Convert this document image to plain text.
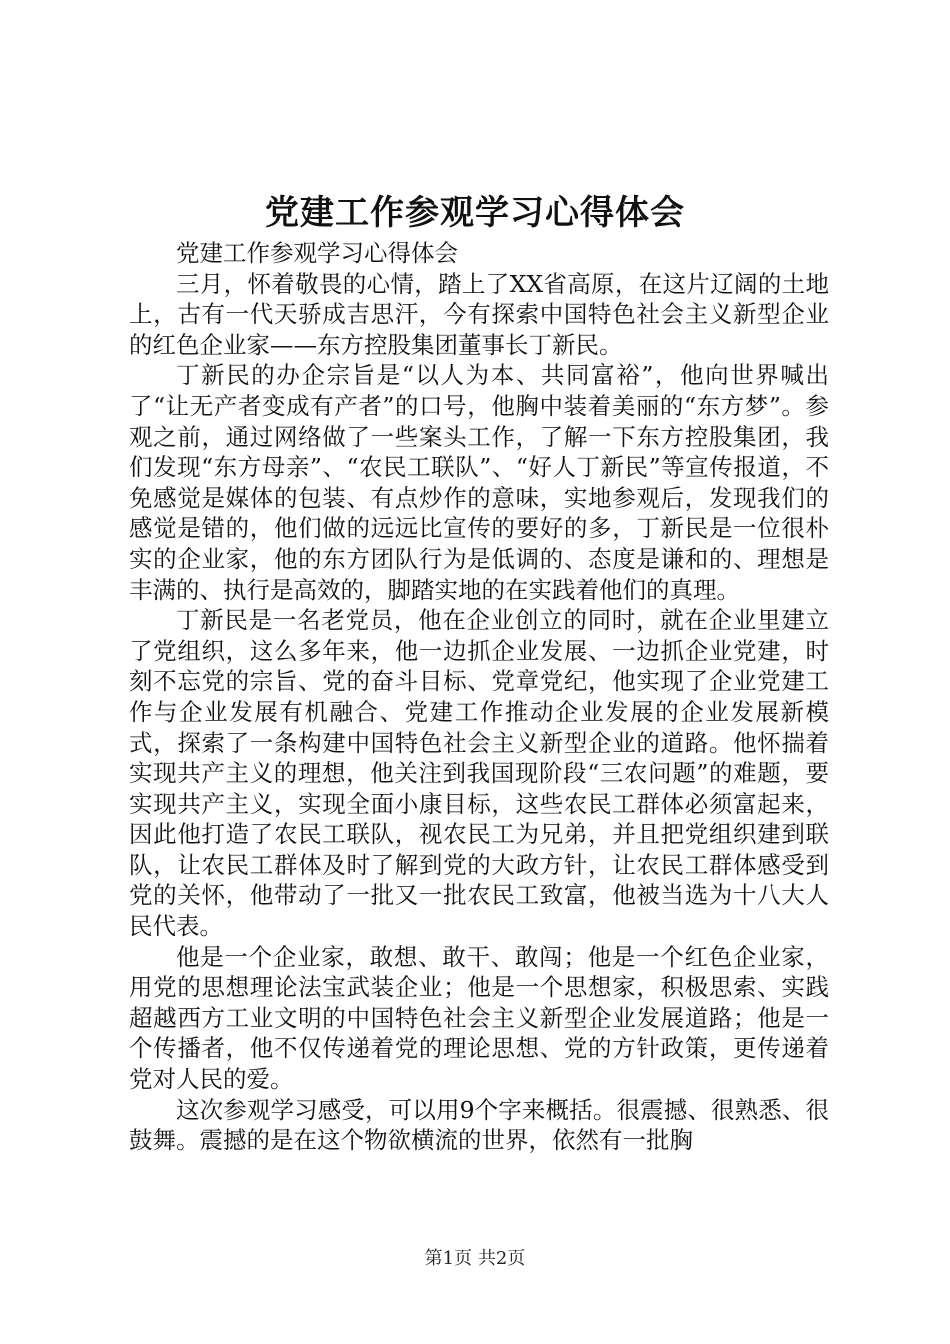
党建工作参观学习心得体会

党建工作参观学习心得体会

三月，怀着敬畏的心情，踏上了XX省高原，在这片辽阔的土地上，古有一代天骄成吉思汗，今有探索中国特色社会主义新型企业的红色企业家——东方控股集团董事长丁新民。

丁新民的办企宗旨是“以人为本、共同富裕”，他向世界喊出了“让无产者变成有产者”的口号，他胸中装着美丽的“东方梦”。参观之前，通过网络做了一些案头工作，了解一下东方控股集团，我们发现“东方母亲”、“农民工联队”、“好人丁新民”等宣传报道，不免感觉是媒体的包装、有点炒作的意味，实地参观后，发现我们的感觉是错的，他们做的远远比宣传的要好的多，丁新民是一位很朴实的企业家，他的东方团队行为是低调的、态度是谦和的、理想是丰满的、执行是高效的，脚踏实地的在实践着他们的真理。

丁新民是一名老党员，他在企业创立的同时，就在企业里建立了党组织，这么多年来，他一边抓企业发展、一边抓企业党建，时刻不忘党的宗旨、党的奋斗目标、党章党纪，他实现了企业党建工作与企业发展有机融合、党建工作推动企业发展的企业发展新模式，探索了一条构建中国特色社会主义新型企业的道路。他怀揣着实现共产主义的理想，他关注到我国现阶段“三农问题”的难题，要实现共产主义，实现全面小康目标，这些农民工群体必须富起来，因此他打造了农民工联队，视农民工为兄弟，并且把党组织建到联队，让农民工群体及时了解到党的大政方针，让农民工群体感受到党的关怀，他带动了一批又一批农民工致富，他被当选为十八大人民代表。

他是一个企业家，敢想、敢干、敢闯；他是一个红色企业家，用党的思想理论法宝武装企业；他是一个思想家，积极思索、实践超越西方工业文明的中国特色社会主义新型企业发展道路；他是一个传播者，他不仅传递着党的理论思想、党的方针政策，更传递着党对人民的爱。

这次参观学习感受，可以用9个字来概括。很震撼、很熟悉、很鼓舞。震撼的是在这个物欲横流的世界，依然有一批胸

第1页 共2页
